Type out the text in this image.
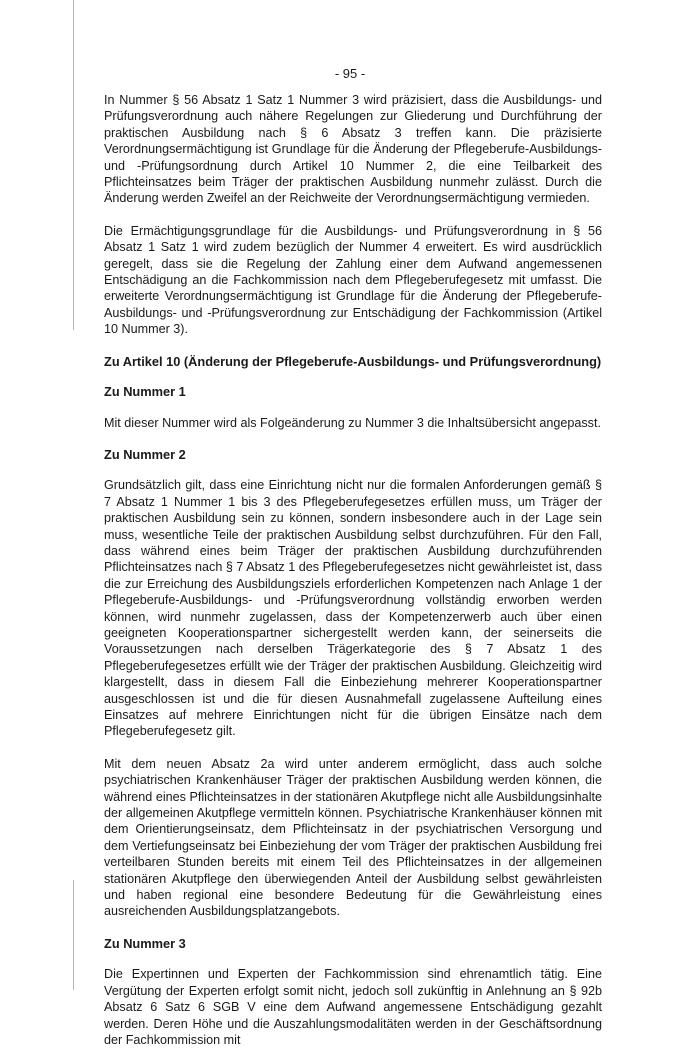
- 95 -

In Nummer § 56 Absatz 1 Satz 1 Nummer 3 wird präzisiert, dass die Ausbildungs- und Prüfungsverordnung auch nähere Regelungen zur Gliederung und Durchführung der praktischen Ausbildung nach § 6 Absatz 3 treffen kann. Die präzisierte Verordnungsermächtigung ist Grundlage für die Änderung der Pflegeberufe-Ausbildungs- und -Prüfungsordnung durch Artikel 10 Nummer 2, die eine Teilbarkeit des Pflichteinsatzes beim Träger der praktischen Ausbildung nunmehr zulässt. Durch die Änderung werden Zweifel an der Reichweite der Verordnungsermächtigung vermieden.

Die Ermächtigungsgrundlage für die Ausbildungs- und Prüfungsverordnung in § 56 Absatz 1 Satz 1 wird zudem bezüglich der Nummer 4 erweitert. Es wird ausdrücklich geregelt, dass sie die Regelung der Zahlung einer dem Aufwand angemessenen Entschädigung an die Fachkommission nach dem Pflegeberufegesetz mit umfasst. Die erweiterte Verordnungsermächtigung ist Grundlage für die Änderung der Pflegeberufe-Ausbildungs- und -Prüfungsverordnung zur Entschädigung der Fachkommission (Artikel 10 Nummer 3).

Zu Artikel 10 (Änderung der Pflegeberufe-Ausbildungs- und Prüfungsverordnung)

Zu Nummer 1

Mit dieser Nummer wird als Folgeänderung zu Nummer 3 die Inhaltsübersicht angepasst.

Zu Nummer 2

Grundsätzlich gilt, dass eine Einrichtung nicht nur die formalen Anforderungen gemäß § 7 Absatz 1 Nummer 1 bis 3 des Pflegeberufegesetzes erfüllen muss, um Träger der praktischen Ausbildung sein zu können, sondern insbesondere auch in der Lage sein muss, wesentliche Teile der praktischen Ausbildung selbst durchzuführen. Für den Fall, dass während eines beim Träger der praktischen Ausbildung durchzuführenden Pflichteinsatzes nach § 7 Absatz 1 des Pflegeberufegesetzes nicht gewährleistet ist, dass die zur Erreichung des Ausbildungsziels erforderlichen Kompetenzen nach Anlage 1 der Pflegeberufe-Ausbildungs- und -Prüfungsverordnung vollständig erworben werden können, wird nunmehr zugelassen, dass der Kompetenzerwerb auch über einen geeigneten Kooperationspartner sichergestellt werden kann, der seinerseits die Voraussetzungen nach derselben Trägerkategorie des § 7 Absatz 1 des Pflegeberufegesetzes erfüllt wie der Träger der praktischen Ausbildung. Gleichzeitig wird klargestellt, dass in diesem Fall die Einbeziehung mehrerer Kooperationspartner ausgeschlossen ist und die für diesen Ausnahmefall zugelassene Aufteilung eines Einsatzes auf mehrere Einrichtungen nicht für die übrigen Einsätze nach dem Pflegeberufegesetz gilt.

Mit dem neuen Absatz 2a wird unter anderem ermöglicht, dass auch solche psychiatrischen Krankenhäuser Träger der praktischen Ausbildung werden können, die während eines Pflichteinsatzes in der stationären Akutpflege nicht alle Ausbildungsinhalte der allgemeinen Akutpflege vermitteln können. Psychiatrische Krankenhäuser können mit dem Orientierungseinsatz, dem Pflichteinsatz in der psychiatrischen Versorgung und dem Vertiefungseinsatz bei Einbeziehung der vom Träger der praktischen Ausbildung frei verteilbaren Stunden bereits mit einem Teil des Pflichteinsatzes in der allgemeinen stationären Akutpflege den überwiegenden Anteil der Ausbildung selbst gewährleisten und haben regional eine besondere Bedeutung für die Gewährleistung eines ausreichenden Ausbildungsplatzangebots.

Zu Nummer 3

Die Expertinnen und Experten der Fachkommission sind ehrenamtlich tätig. Eine Vergütung der Experten erfolgt somit nicht, jedoch soll zukünftig in Anlehnung an § 92b Absatz 6 Satz 6 SGB V eine dem Aufwand angemessene Entschädigung gezahlt werden. Deren Höhe und die Auszahlungsmodalitäten werden in der Geschäftsordnung der Fachkommission mit
